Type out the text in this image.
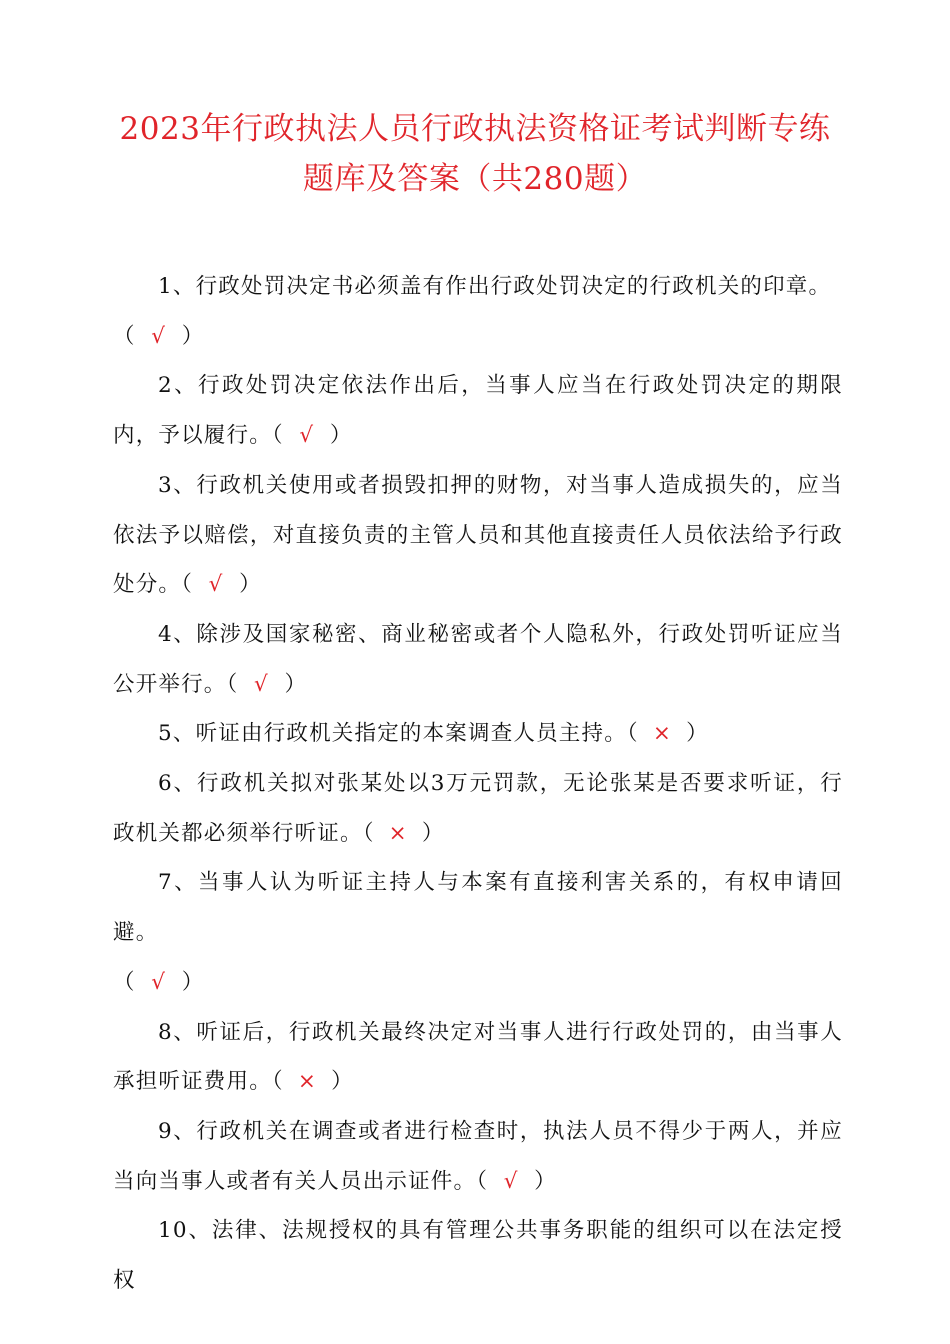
2023年行政执法人员行政执法资格证考试判断专练
题库及答案（共280题）

1、行政处罚决定书必须盖有作出行政处罚决定的行政机关的印章。
（ √ ）

2、行政处罚决定依法作出后，当事人应当在行政处罚决定的期限内，予以履行。（ √ ）

3、行政机关使用或者损毁扣押的财物，对当事人造成损失的，应当依法予以赔偿，对直接负责的主管人员和其他直接责任人员依法给予行政处分。（ √ ）

4、除涉及国家秘密、商业秘密或者个人隐私外，行政处罚听证应当公开举行。（ √ ）

5、听证由行政机关指定的本案调查人员主持。（ × ）

6、行政机关拟对张某处以3万元罚款，无论张某是否要求听证，行政机关都必须举行听证。（ × ）

7、当事人认为听证主持人与本案有直接利害关系的，有权申请回避。
（ √ ）

8、听证后，行政机关最终决定对当事人进行行政处罚的，由当事人承担听证费用。（ × ）

9、行政机关在调查或者进行检查时，执法人员不得少于两人，并应当向当事人或者有关人员出示证件。（ √ ）

10、法律、法规授权的具有管理公共事务职能的组织可以在法定授权
